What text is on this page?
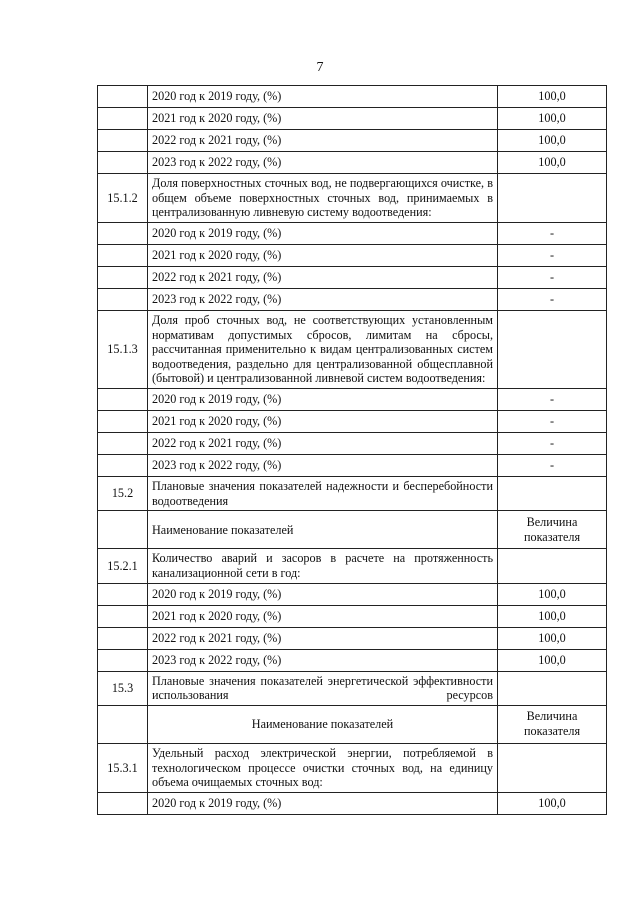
7
	2020 год к 2019 году, (%)	100,0
	2021 год к 2020 году, (%)	100,0
	2022 год к 2021 году, (%)	100,0
	2023 год к 2022 году, (%)	100,0
15.1.2	Доля поверхностных сточных вод, не подвергающихся очистке, в общем объеме поверхностных сточных вод, принимаемых в централизованную ливневую систему водоотведения:	
	2020 год к 2019 году, (%)	-
	2021 год к 2020 году, (%)	-
	2022 год к 2021 году, (%)	-
	2023 год к 2022 году, (%)	-
15.1.3	Доля проб сточных вод, не соответствующих установленным нормативам допустимых сбросов, лимитам на сбросы, рассчитанная применительно к видам централизованных систем водоотведения, раздельно для централизованной общесплавной (бытовой) и централизованной ливневой систем водоотведения:	
	2020 год к 2019 году, (%)	-
	2021 год к 2020 году, (%)	-
	2022 год к 2021 году, (%)	-
	2023 год к 2022 году, (%)	-
15.2	Плановые значения показателей надежности и бесперебойности водоотведения	
	Наименование показателей	Величина показателя
15.2.1	Количество аварий и засоров в расчете на протяженность канализационной сети в год:	
	2020 год к 2019 году, (%)	100,0
	2021 год к 2020 году, (%)	100,0
	2022 год к 2021 году, (%)	100,0
	2023 год к 2022 году, (%)	100,0
15.3	Плановые значения показателей энергетической эффективности использования ресурсов	
	Наименование показателей	Величина показателя
15.3.1	Удельный расход электрической энергии, потребляемой в технологическом процессе очистки сточных вод, на единицу объема очищаемых сточных вод:	
	2020 год к 2019 году, (%)	100,0
